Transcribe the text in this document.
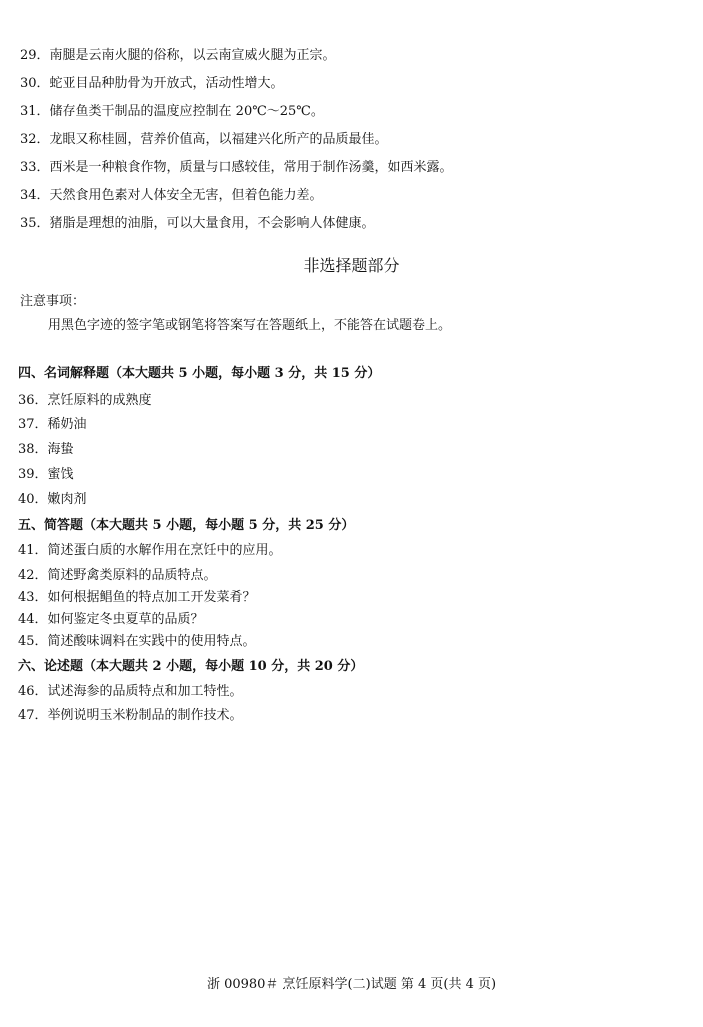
29．南腿是云南火腿的俗称，以云南宣威火腿为正宗。
30．蛇亚目品种肋骨为开放式，活动性增大。
31．储存鱼类干制品的温度应控制在 20℃～25℃。
32．龙眼又称桂圆，营养价值高，以福建兴化所产的品质最佳。
33．西米是一种粮食作物，质量与口感较佳，常用于制作汤羹，如西米露。
34．天然食用色素对人体安全无害，但着色能力差。
35．猪脂是理想的油脂，可以大量食用，不会影响人体健康。
非选择题部分
注意事项：
用黑色字迹的签字笔或钢笔将答案写在答题纸上，不能答在试题卷上。
四、名词解释题（本大题共 5 小题，每小题 3 分，共 15 分）
36．烹饪原料的成熟度
37．稀奶油
38．海蛰
39．蜜饯
40．嫩肉剂
五、简答题（本大题共 5 小题，每小题 5 分，共 25 分）
41．简述蛋白质的水解作用在烹饪中的应用。
42．简述野禽类原料的品质特点。
43．如何根据鲳鱼的特点加工开发菜肴？
44．如何鉴定冬虫夏草的品质？
45．简述酸味调料在实践中的使用特点。
六、论述题（本大题共 2 小题，每小题 10 分，共 20 分）
46．试述海参的品质特点和加工特性。
47．举例说明玉米粉制品的制作技术。
浙 00980＃ 烹饪原料学(二)试题 第 4 页(共 4 页)
